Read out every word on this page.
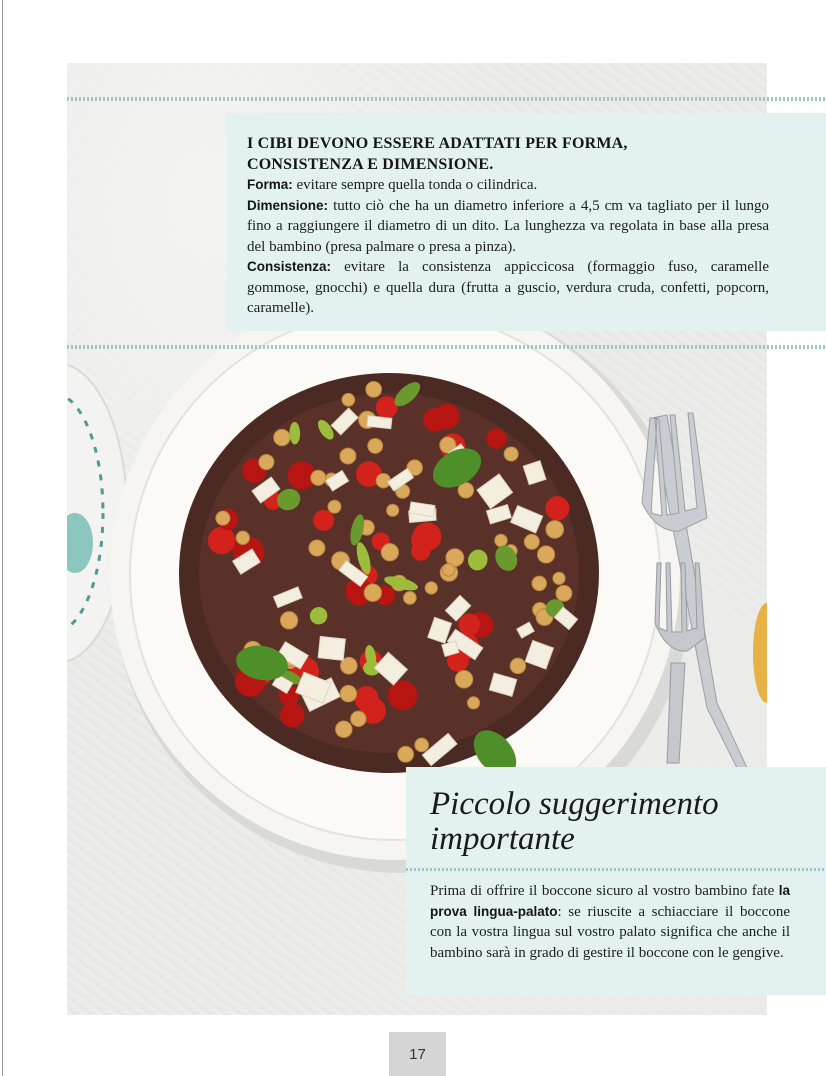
I CIBI DEVONO ESSERE ADATTATI PER FORMA,
CONSISTENZA E DIMENSIONE.

Forma: evitare sempre quella tonda o cilindrica.

Dimensione: tutto ciò che ha un diametro inferiore a 4,5 cm va tagliato per il lungo fino a raggiungere il diametro di un dito. La lunghezza va regolata in base alla presa del bambino (presa palmare o presa a pinza).

Consistenza: evitare la consistenza appiccicosa (formaggio fuso, caramelle gommose, gnocchi) e quella dura (frutta a guscio, verdura cruda, confetti, popcorn, caramelle).

Piccolo suggerimento
importante

Prima di offrire il boccone sicuro al vostro bambino fate la prova lingua-palato: se riuscite a schiacciare il boccone con la vostra lingua sul vostro palato significa che anche il bambino sarà in grado di gestire il boccone con le gengive.

17
